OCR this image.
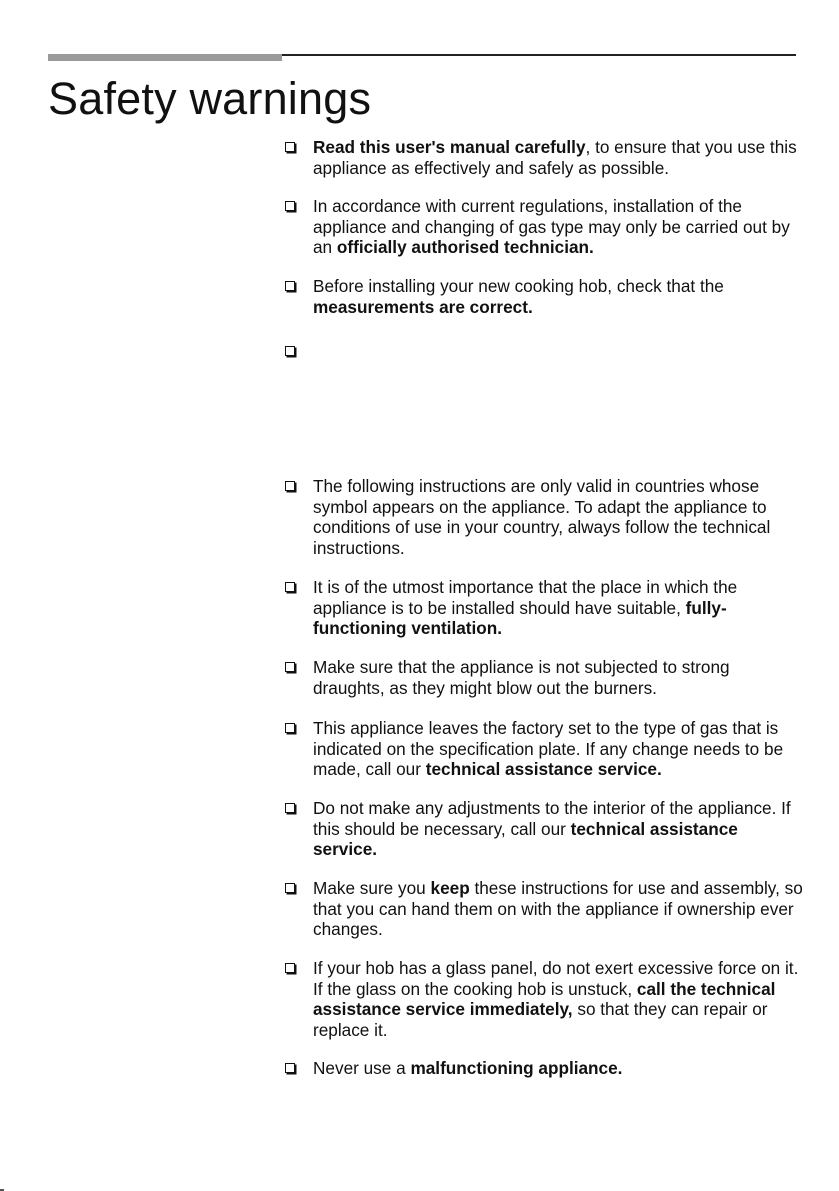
Safety warnings
Read this user's manual carefully, to ensure that you use this appliance as effectively and safely as possible.
In accordance with current regulations, installation of the appliance and changing of gas type may only be carried out by an officially authorised technician.
Before installing your new cooking hob, check that the measurements are correct.
The following instructions are only valid in countries whose symbol appears on the appliance. To adapt the appliance to conditions of use in your country, always follow the technical instructions.
It is of the utmost importance that the place in which the appliance is to be installed should have suitable, fully-functioning ventilation.
Make sure that the appliance is not subjected to strong draughts, as they might blow out the burners.
This appliance leaves the factory set to the type of gas that is indicated on the specification plate. If any change needs to be made, call our technical assistance service.
Do not make any adjustments to the interior of the appliance. If this should be necessary, call our technical assistance service.
Make sure you keep these instructions for use and assembly, so that you can hand them on with the appliance if ownership ever changes.
If your hob has a glass panel, do not exert excessive force on it. If the glass on the cooking hob is unstuck, call the technical assistance service immediately, so that they can repair or replace it.
Never use a malfunctioning appliance.
